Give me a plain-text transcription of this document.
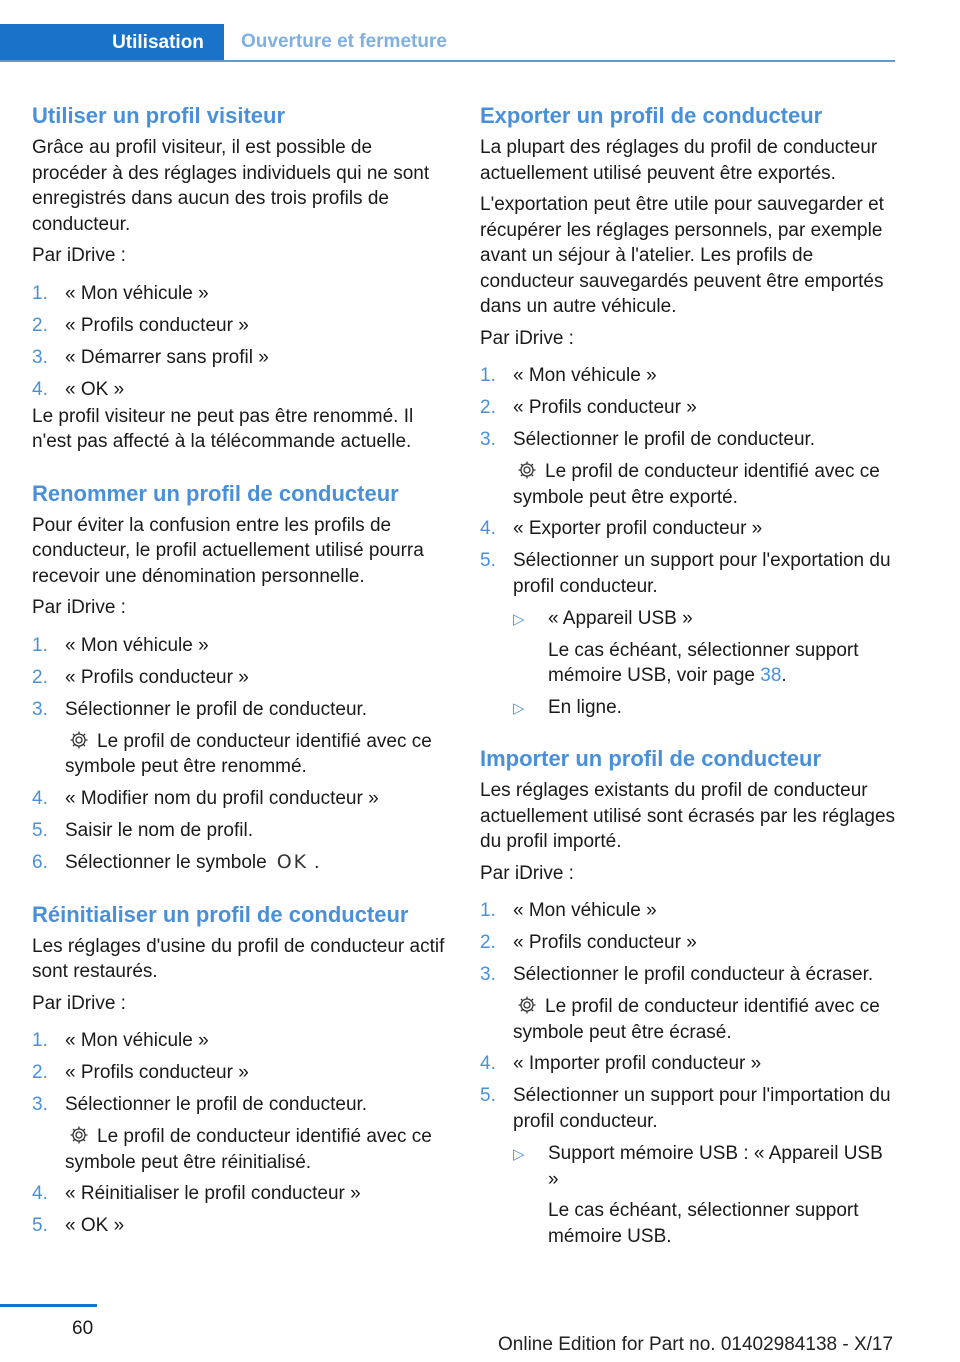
Utilisation	Ouverture et fermeture
Utiliser un profil visiteur

Grâce au profil visiteur, il est possible de procéder à des réglages individuels qui ne sont enregistrés dans aucun des trois profils de conducteur.

Par iDrive :

1. « Mon véhicule »
2. « Profils conducteur »
3. « Démarrer sans profil »
4. « OK »

Le profil visiteur ne peut pas être renommé. Il n'est pas affecté à la télécommande actuelle.

Renommer un profil de conducteur

Pour éviter la confusion entre les profils de conducteur, le profil actuellement utilisé pourra recevoir une dénomination personnelle.

Par iDrive :

1. « Mon véhicule »
2. « Profils conducteur »
3. Sélectionner le profil de conducteur.
Le profil de conducteur identifié avec ce symbole peut être renommé.
4. « Modifier nom du profil conducteur »
5. Saisir le nom de profil.
6. Sélectionner le symbole OK .
Réinitialiser un profil de conducteur

Les réglages d'usine du profil de conducteur actif sont restaurés.

Par iDrive :

1. « Mon véhicule »
2. « Profils conducteur »
3. Sélectionner le profil de conducteur.
Le profil de conducteur identifié avec ce symbole peut être réinitialisé.
4. « Réinitialiser le profil conducteur »
5. « OK »
Exporter un profil de conducteur

La plupart des réglages du profil de conducteur actuellement utilisé peuvent être exportés.

L'exportation peut être utile pour sauvegarder et récupérer les réglages personnels, par exemple avant un séjour à l'atelier. Les profils de conducteur sauvegardés peuvent être emportés dans un autre véhicule.

Par iDrive :

1. « Mon véhicule »
2. « Profils conducteur »
3. Sélectionner le profil de conducteur.
Le profil de conducteur identifié avec ce symbole peut être exporté.
4. « Exporter profil conducteur »
5. Sélectionner un support pour l'exportation du profil conducteur.
▷ « Appareil USB »
Le cas échéant, sélectionner support mémoire USB, voir page 38.
▷ En ligne.
Importer un profil de conducteur

Les réglages existants du profil de conducteur actuellement utilisé sont écrasés par les réglages du profil importé.

Par iDrive :

1. « Mon véhicule »
2. « Profils conducteur »
3. Sélectionner le profil conducteur à écraser.
Le profil de conducteur identifié avec ce symbole peut être écrasé.
4. « Importer profil conducteur »
5. Sélectionner un support pour l'importation du profil conducteur.
▷ Support mémoire USB : « Appareil USB »
Le cas échéant, sélectionner support mémoire USB.
60
Online Edition for Part no. 01402984138 - X/17
